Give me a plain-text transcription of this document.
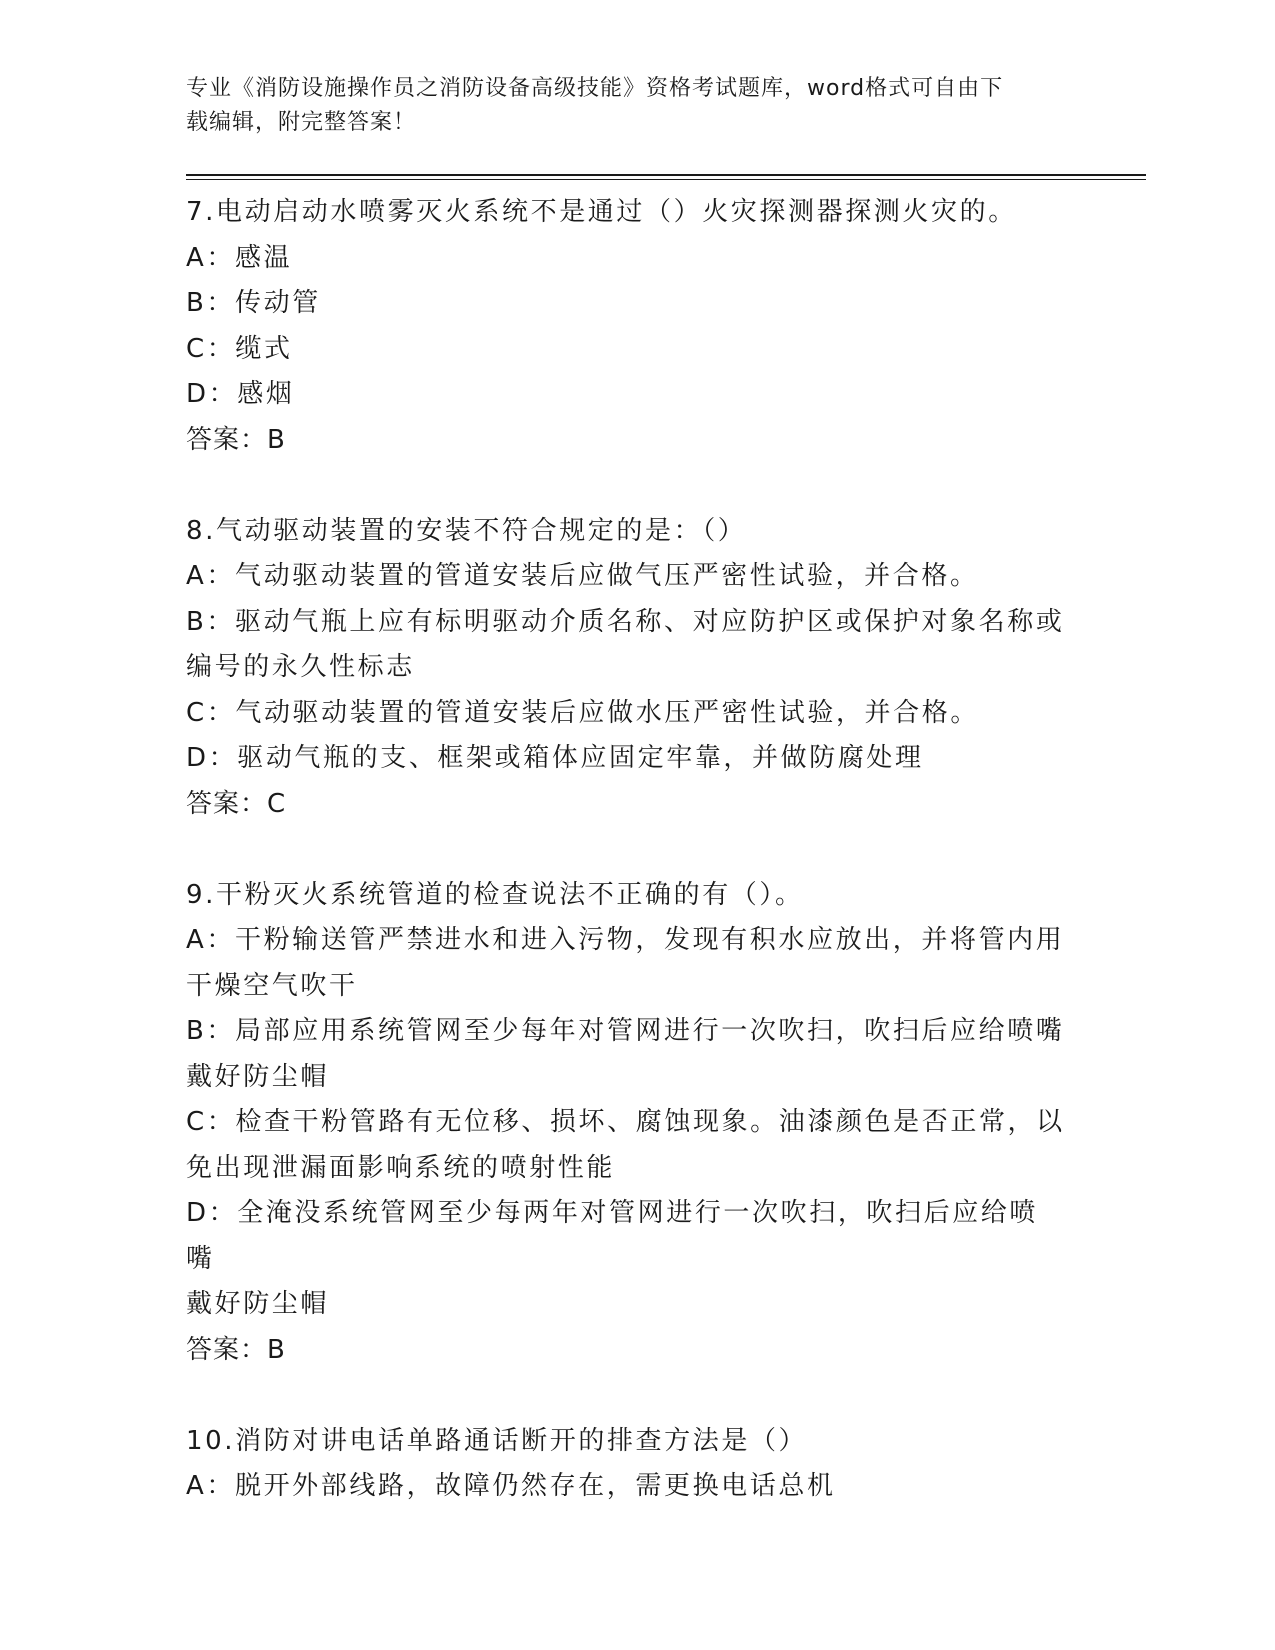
专业《消防设施操作员之消防设备高级技能》资格考试题库，word格式可自由下
载编辑，附完整答案！
7.电动启动水喷雾灭火系统不是通过（）火灾探测器探测火灾的。
A：感温
B：传动管
C：缆式
D：感烟
答案：B
8.气动驱动装置的安装不符合规定的是：（）
A：气动驱动装置的管道安装后应做气压严密性试验，并合格。
B：驱动气瓶上应有标明驱动介质名称、对应防护区或保护对象名称或
编号的永久性标志
C：气动驱动装置的管道安装后应做水压严密性试验，并合格。
D：驱动气瓶的支、框架或箱体应固定牢靠，并做防腐处理
答案：C
9.干粉灭火系统管道的检查说法不正确的有（）。
A：干粉输送管严禁进水和进入污物，发现有积水应放出，并将管内用
干燥空气吹干
B：局部应用系统管网至少每年对管网进行一次吹扫，吹扫后应给喷嘴
戴好防尘帽
C：检查干粉管路有无位移、损坏、腐蚀现象。油漆颜色是否正常，以
免出现泄漏面影响系统的喷射性能
D：全淹没系统管网至少每两年对管网进行一次吹扫，吹扫后应给喷嘴
戴好防尘帽
答案：B
10.消防对讲电话单路通话断开的排查方法是（）
A：脱开外部线路，故障仍然存在，需更换电话总机
